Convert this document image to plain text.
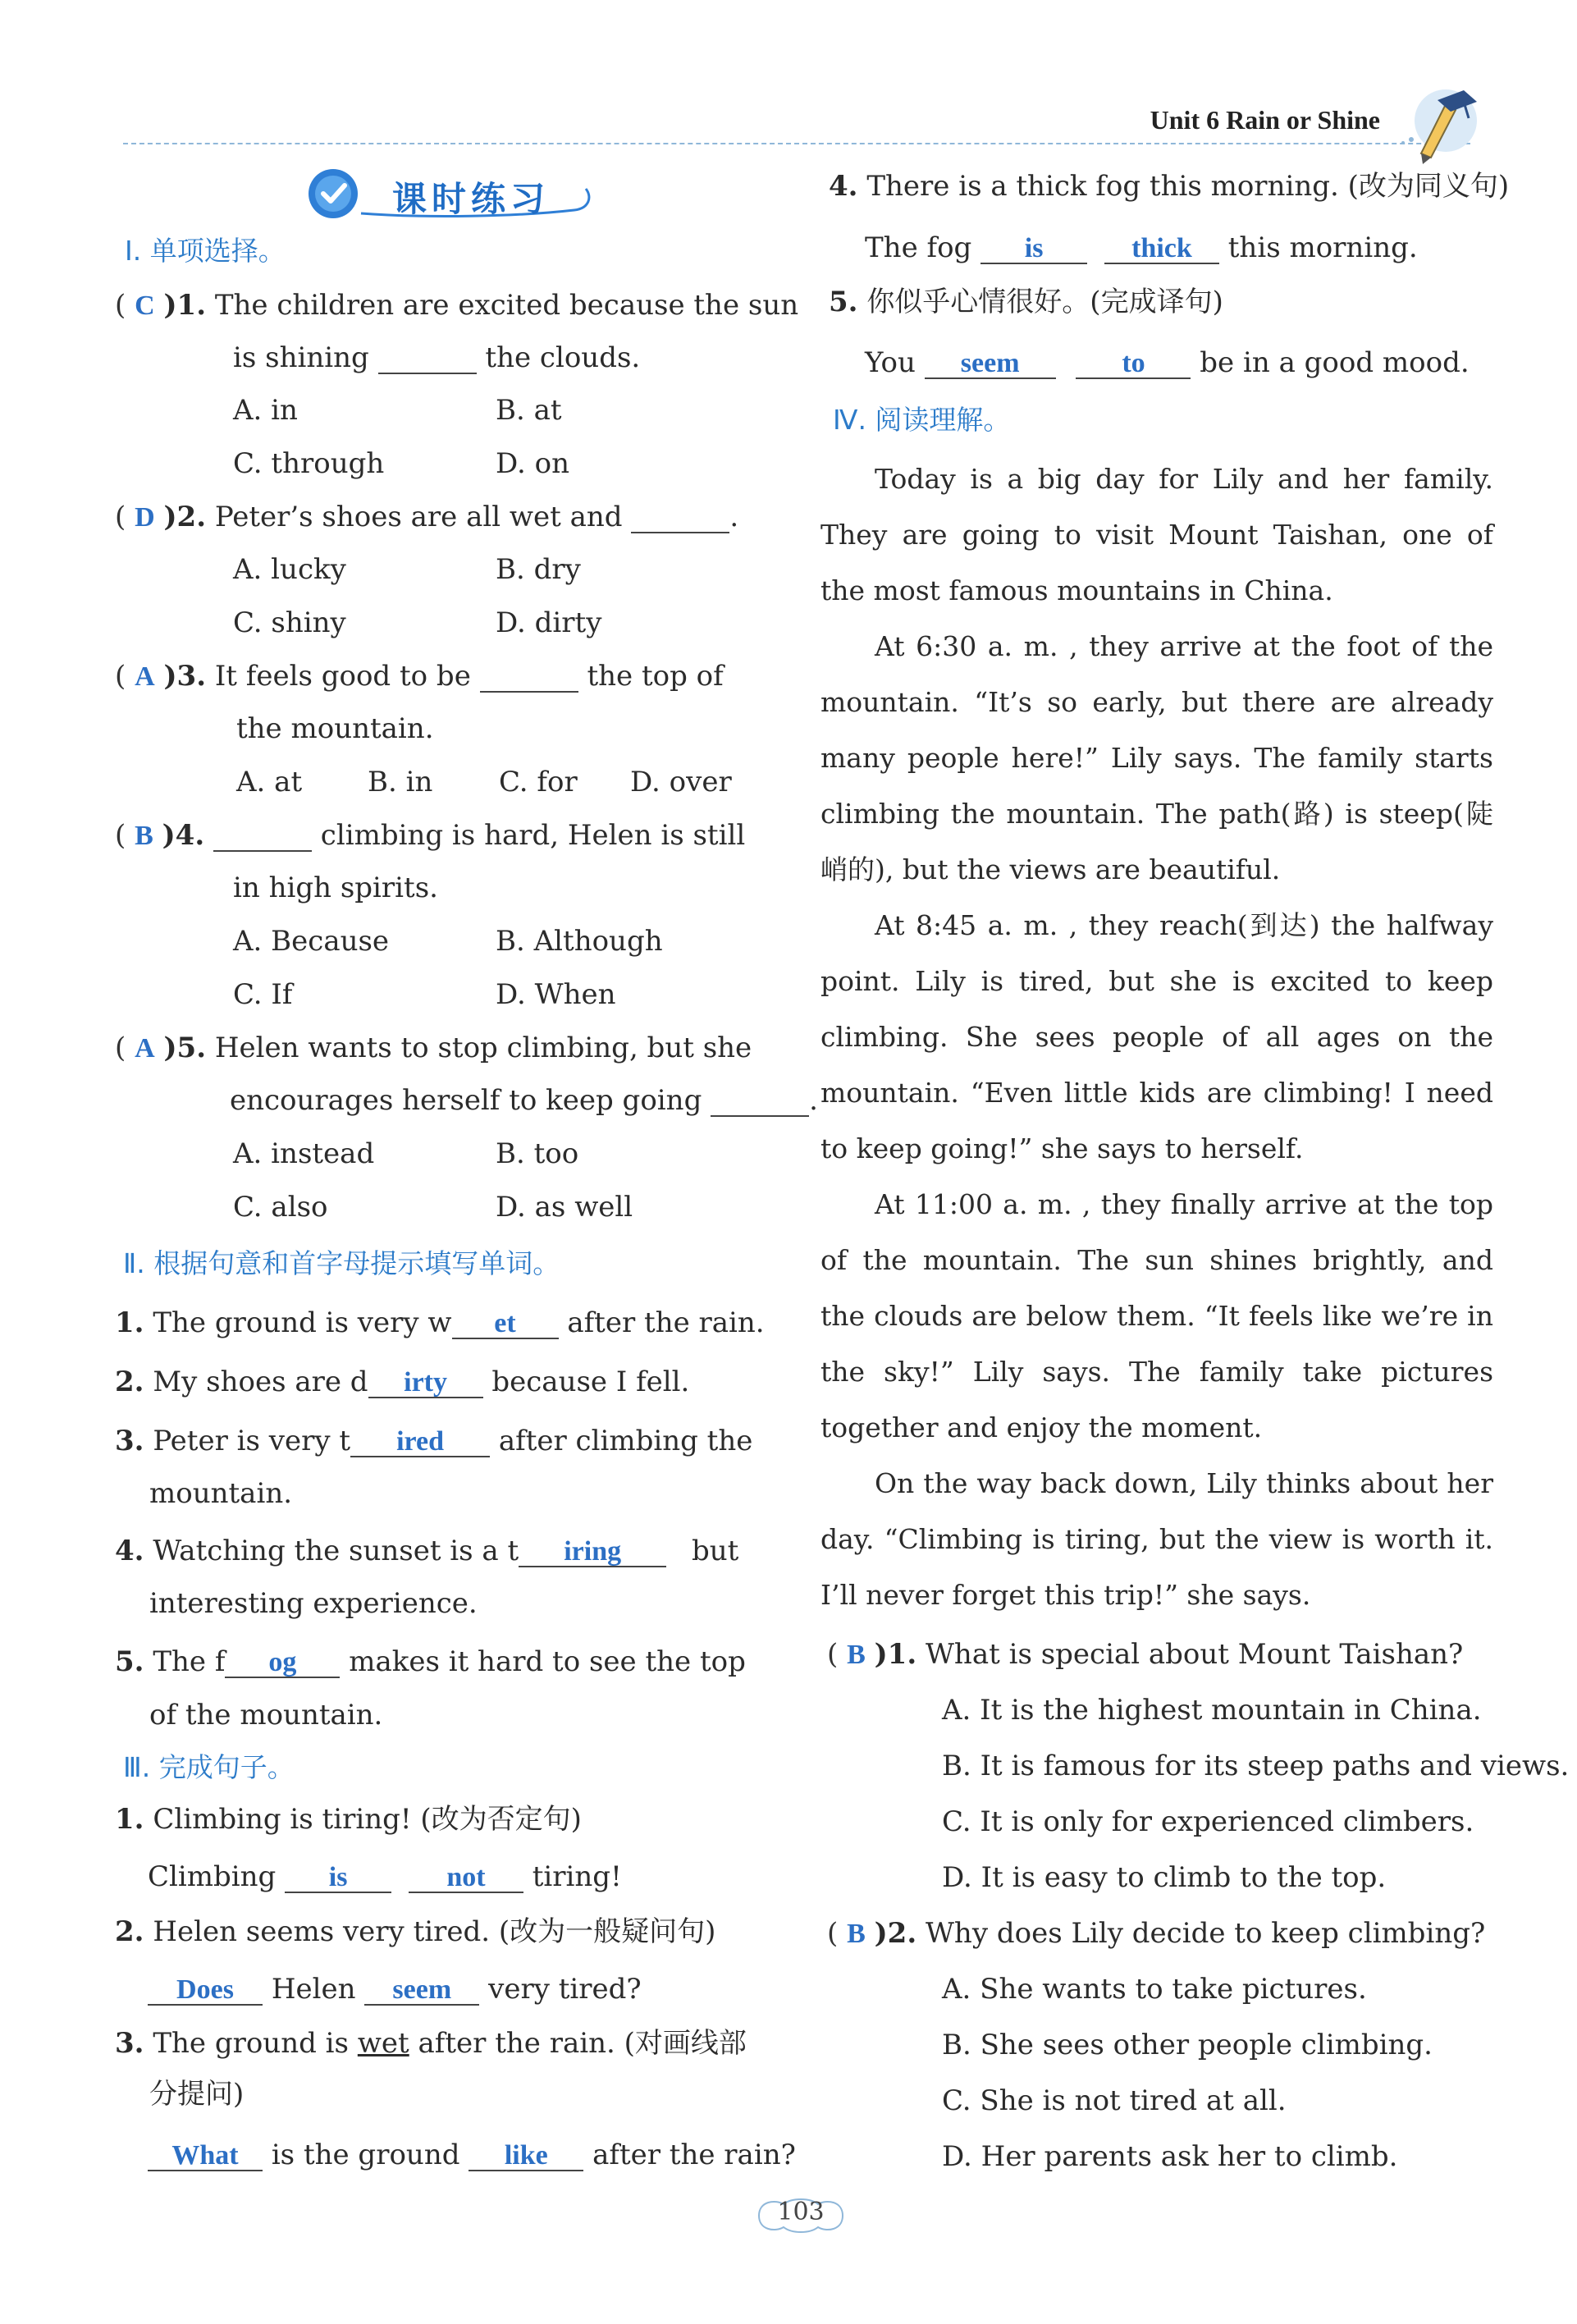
Unit 6 Rain or Shine
课时练习
Ⅰ. 单项选择。
( C )1. The children are excited because the sun
is shining	the clouds.
A. in	B. at
C. through	D. on
( D )2. Peter’s shoes are all wet and	.
A. lucky	B. dry
C. shiny	D. dirty
( A )3. It feels good to be	the top of
the mountain.
A. at B. in C. for D. over
( B )4.	climbing is hard, Helen is still
in high spirits.
A. Because	B. Although
C. If	D. When
( A )5. Helen wants to stop climbing, but she
encourages herself to keep going	.
A. instead	B. too
C. also	D. as well
Ⅱ. 根据句意和首字母提示填写单词。
1. The ground is very w et after the rain.
2. My shoes are d irty because I fell.
3. Peter is very t ired after climbing the
mountain.
4. Watching the sunset is a t iring	but
interesting experience.
5. The f og makes it hard to see the top
of the mountain.
Ⅲ. 完成句子。
1. Climbing is tiring! (改为否定句)
Climbing is	not tiring!
2. Helen seems very tired. (改为一般疑问句)
Does Helen seem very tired?
3. The ground is wet after the rain. (对画线部
分提问)
What is the ground like after the rain?
4. There is a thick fog this morning. (改为同义句)
The fog is	thick this morning.
5. 你似乎心情很好。(完成译句)
You seem	to be in a good mood.
Ⅳ. 阅读理解。

Today is a big day for Lily and her family. They are going to visit Mount Taishan, one of the most famous mountains in China.

At 6:30 a. m. , they arrive at the foot of the mountain. “It’s so early, but there are already many people here!” Lily says. The family starts climbing the mountain. The path(路) is steep(陡峭的), but the views are beautiful.

At 8:45 a. m. , they reach(到达) the halfway point. Lily is tired, but she is excited to keep climbing. She sees people of all ages on the mountain. “Even little kids are climbing! I need to keep going!” she says to herself.

At 11:00 a. m. , they finally arrive at the top of the mountain. The sun shines brightly, and the clouds are below them. “It feels like we’re in the sky!” Lily says. The family take pictures together and enjoy the moment.

On the way back down, Lily thinks about her day. “Climbing is tiring, but the view is worth it. I’ll never forget this trip!” she says.

( B )1. What is special about Mount Taishan?
A. It is the highest mountain in China.
B. It is famous for its steep paths and views.
C. It is only for experienced climbers.
D. It is easy to climb to the top.
( B )2. Why does Lily decide to keep climbing?
A. She wants to take pictures.
B. She sees other people climbing.
C. She is not tired at all.
D. Her parents ask her to climb.
103
